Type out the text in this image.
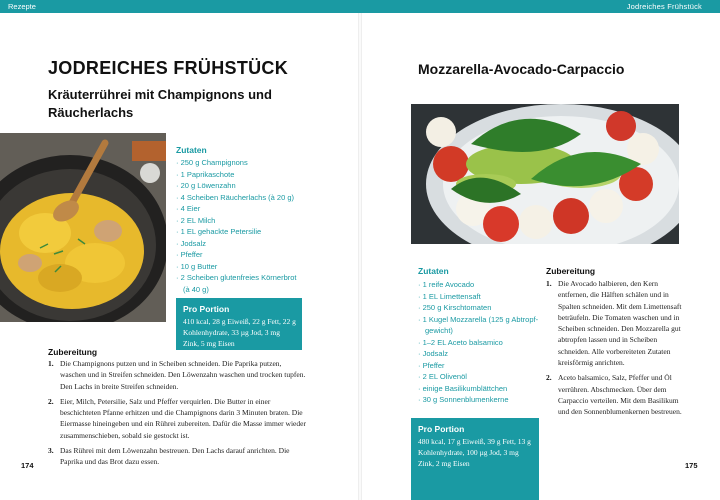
Rezepte	Jodreiches Frühstück
JODREICHES FRÜHSTÜCK
Kräuterrührei mit Champignons und Räucherlachs
Zutaten
· 250 g Champignons
· 1 Paprikaschote
· 20 g Löwenzahn
· 4 Scheiben Räucherlachs (à 20 g)
· 4 Eier
· 2 EL Milch
· 1 EL gehackte Petersilie
· Jodsalz
· Pfeffer
· 10 g Butter
· 2 Scheiben glutenfreies Körnerbrot
(à 40 g)

Pro Portion

410 kcal, 28 g Eiweiß, 22 g Fett, 22 g Kohlenhydrate, 33 µg Jod, 3 mg Zink, 5 mg Eisen

Zubereitung
1. Die Champignons putzen und in Scheiben schneiden. Die Paprika putzen, waschen und in Streifen schneiden. Den Löwenzahn waschen und trocken tupfen. Den Lachs in breite Streifen schneiden.
2. Eier, Milch, Petersilie, Salz und Pfeffer verquirlen. Die Butter in einer beschichteten Pfanne erhitzen und die Champignons darin 3 Minuten braten. Die Eiermasse hineingeben und ein Rührei zubereiten. Dafür die Masse immer wieder zusammenschieben, sobald sie gestockt ist.
3. Das Rührei mit dem Löwenzahn bestreuen. Den Lachs darauf anrichten. Die Paprika und das Brot dazu essen.
174
Mozzarella-Avocado-Carpaccio
Zutaten
· 1 reife Avocado
· 1 EL Limettensaft
· 250 g Kirschtomaten
· 1 Kugel Mozzarella (125 g Abtropf-
gewicht)
· 1–2 EL Aceto balsamico
· Jodsalz
· Pfeffer
· 2 EL Olivenöl
· einige Basilikumblättchen
· 30 g Sonnenblumenkerne

Pro Portion

480 kcal, 17 g Eiweiß, 39 g Fett, 13 g Kohlenhydrate, 100 µg Jod, 3 mg Zink, 2 mg Eisen

Zubereitung
1. Die Avocado halbieren, den Kern entfernen, die Hälften schälen und in Spalten schneiden. Mit dem Limettensaft beträufeln. Die Tomaten waschen und in Scheiben schneiden. Den Mozzarella gut abtropfen lassen und in Scheiben schneiden. Alle vorbereiteten Zutaten kreisförmig anrichten.
2. Aceto balsamico, Salz, Pfeffer und Öl verrühren. Abschmecken. Über dem Carpaccio verteilen. Mit dem Basilikum und den Sonnenblumenkernen bestreuen.
175
